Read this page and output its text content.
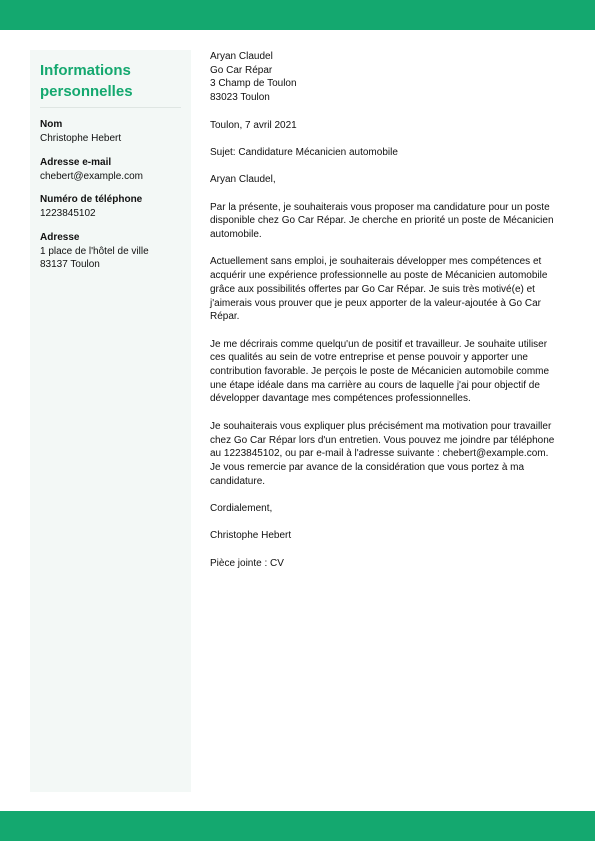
Informations
personnelles
Nom
Christophe Hebert
Adresse e-mail
chebert@example.com
Numéro de téléphone
1223845102
Adresse
1 place de l'hôtel de ville
83137 Toulon

Aryan Claudel
Go Car Répar
3 Champ de Toulon
83023 Toulon

Toulon, 7 avril 2021

Sujet: Candidature Mécanicien automobile

Aryan Claudel,

Par la présente, je souhaiterais vous proposer ma candidature pour un poste disponible chez Go Car Répar. Je cherche en priorité un poste de Mécanicien automobile.

Actuellement sans emploi, je souhaiterais développer mes compétences et acquérir une expérience professionnelle au poste de Mécanicien automobile grâce aux possibilités offertes par Go Car Répar. Je suis très motivé(e) et j'aimerais vous prouver que je peux apporter de la valeur-ajoutée à Go Car Répar.

Je me décrirais comme quelqu'un de positif et travailleur. Je souhaite utiliser ces qualités au sein de votre entreprise et pense pouvoir y apporter une contribution favorable. Je perçois le poste de Mécanicien automobile comme une étape idéale dans ma carrière au cours de laquelle j'ai pour objectif de développer davantage mes compétences professionnelles.

Je souhaiterais vous expliquer plus précisément ma motivation pour travailler chez Go Car Répar lors d'un entretien. Vous pouvez me joindre par téléphone au 1223845102, ou par e-mail à l'adresse suivante : chebert@example.com. Je vous remercie par avance de la considération que vous portez à ma candidature.

Cordialement,

Christophe Hebert

Pièce jointe : CV
